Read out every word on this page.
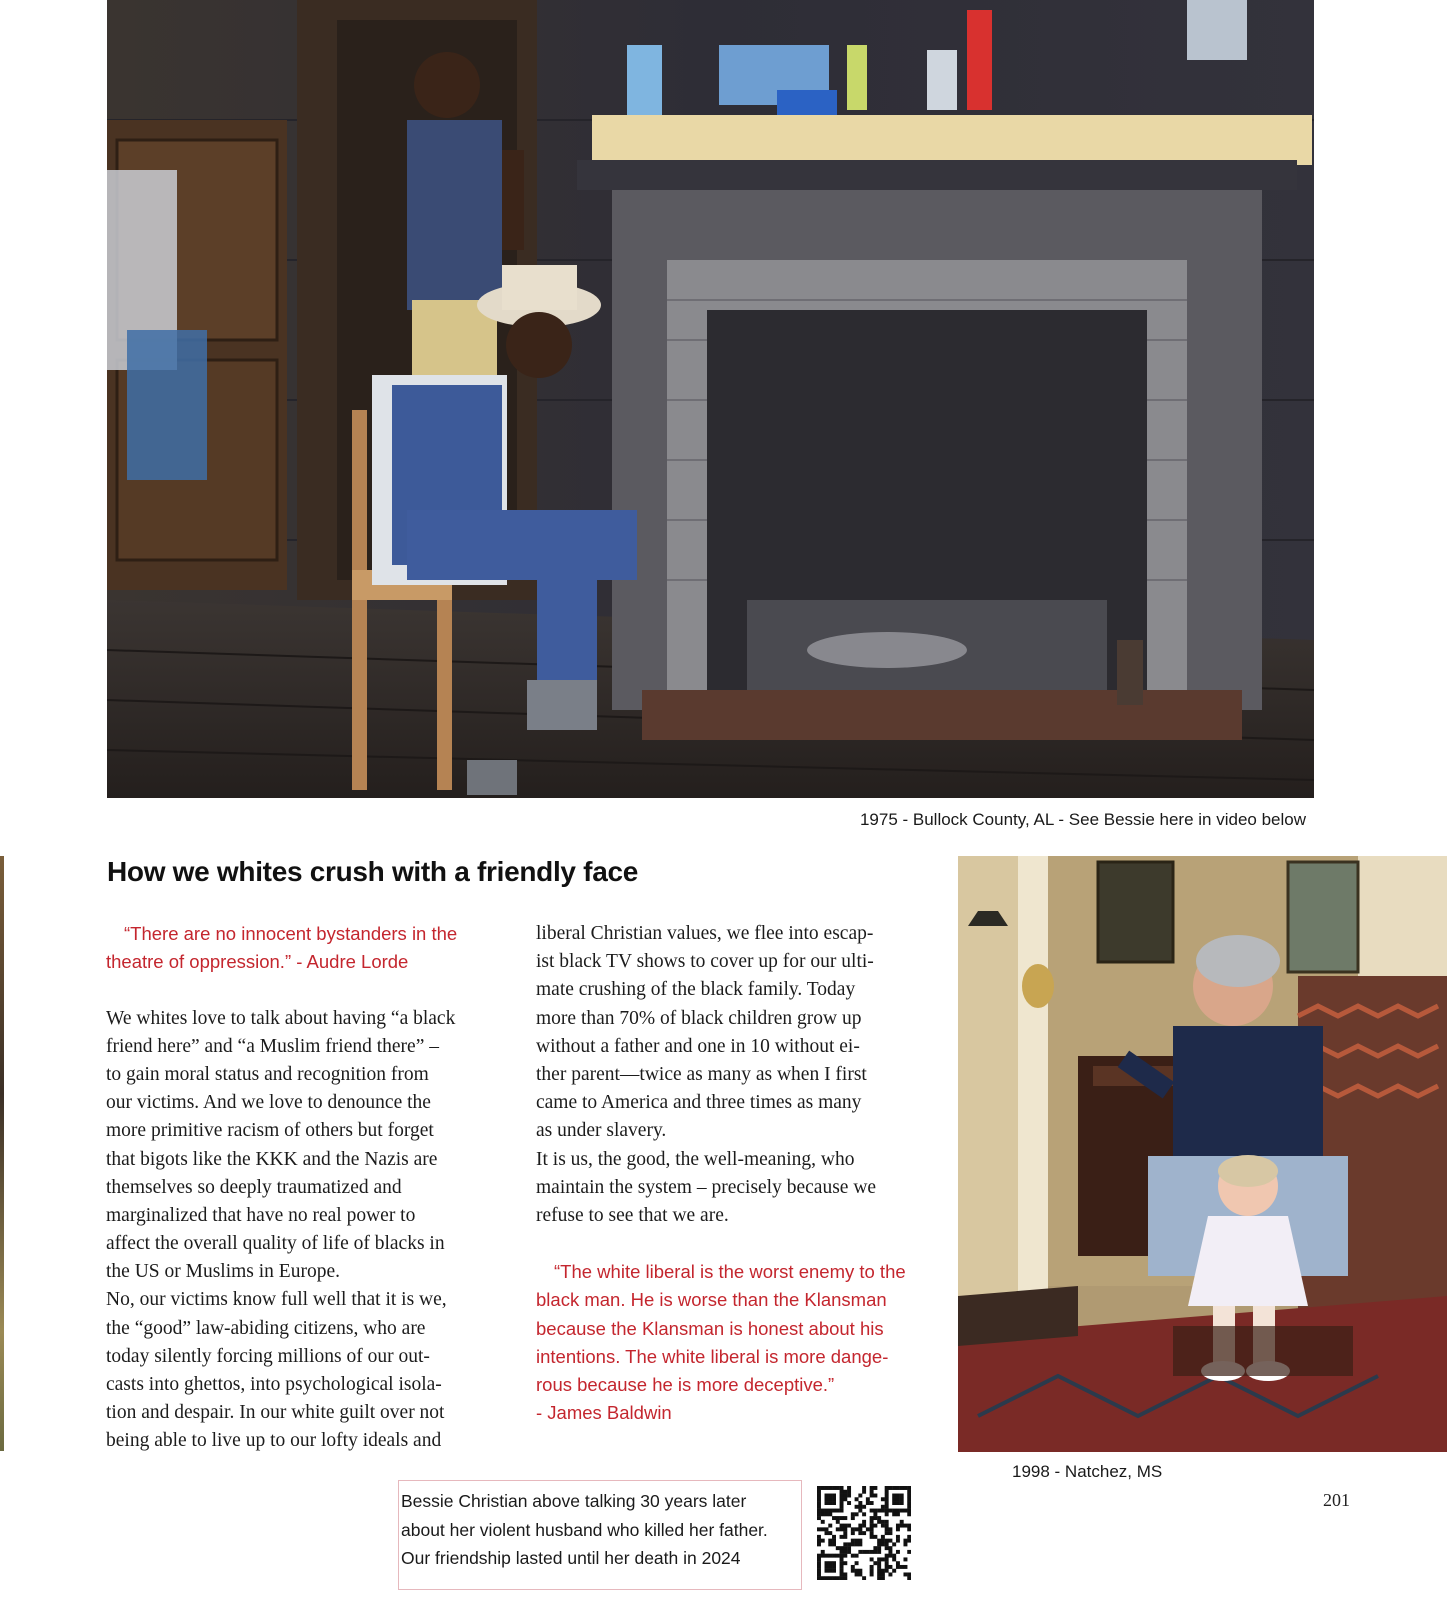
1975 - Bullock County, AL - See Bessie here in video below
How we whites crush with a friendly face
“There are no innocent bystanders in the
theatre of oppression.” - Audre Lorde
We whites love to talk about having “a black
friend here” and “a Muslim friend there” –
to gain moral status and recognition from
our victims. And we love to denounce the
more primitive racism of others but forget
that bigots like the KKK and the Nazis are
themselves so deeply traumatized and
marginalized that have no real power to
affect the overall quality of life of blacks in
the US or Muslims in Europe.
No, our victims know full well that it is we,
the “good” law-abiding citizens, who are
today silently forcing millions of our out-
casts into ghettos, into psychological isola-
tion and despair. In our white guilt over not
being able to live up to our lofty ideals and
liberal Christian values, we flee into escap-
ist black TV shows to cover up for our ulti-
mate crushing of the black family. Today
more than 70% of black children grow up
without a father and one in 10 without ei-
ther parent—twice as many as when I first
came to America and three times as many
as under slavery.
It is us, the good, the well-meaning, who
maintain the system – precisely because we
refuse to see that we are.
“The white liberal is the worst enemy to the
black man. He is worse than the Klansman
because the Klansman is honest about his
intentions. The white liberal is more dange-
rous because he is more deceptive.”
- James Baldwin
1998 - Natchez, MS
201
Bessie Christian above talking 30 years later
about her violent husband who killed her father.
Our friendship lasted until her death in 2024
